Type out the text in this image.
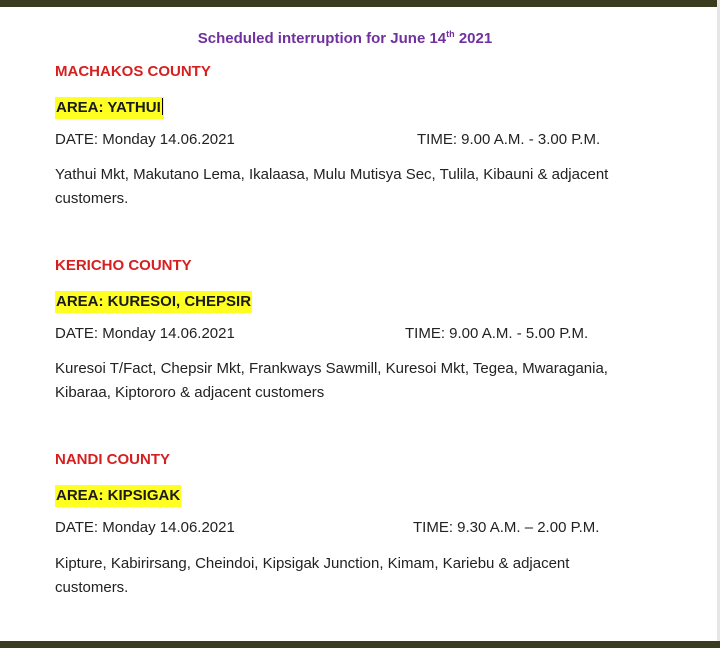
Scheduled interruption for June 14th 2021
MACHAKOS COUNTY
AREA: YATHUI
DATE: Monday 14.06.2021	TIME: 9.00 A.M. - 3.00 P.M.
Yathui Mkt, Makutano Lema, Ikalaasa, Mulu Mutisya Sec, Tulila, Kibauni & adjacent customers.
KERICHO COUNTY
AREA: KURESOI, CHEPSIR
DATE: Monday 14.06.2021	TIME: 9.00 A.M. - 5.00 P.M.
Kuresoi T/Fact, Chepsir Mkt, Frankways Sawmill, Kuresoi Mkt, Tegea, Mwaragania, Kibaraa, Kiptororo & adjacent customers
NANDI COUNTY
AREA: KIPSIGAK
DATE: Monday 14.06.2021	TIME: 9.30 A.M. – 2.00 P.M.
Kipture, Kabirirsang, Cheindoi, Kipsigak Junction, Kimam, Kariebu & adjacent customers.
